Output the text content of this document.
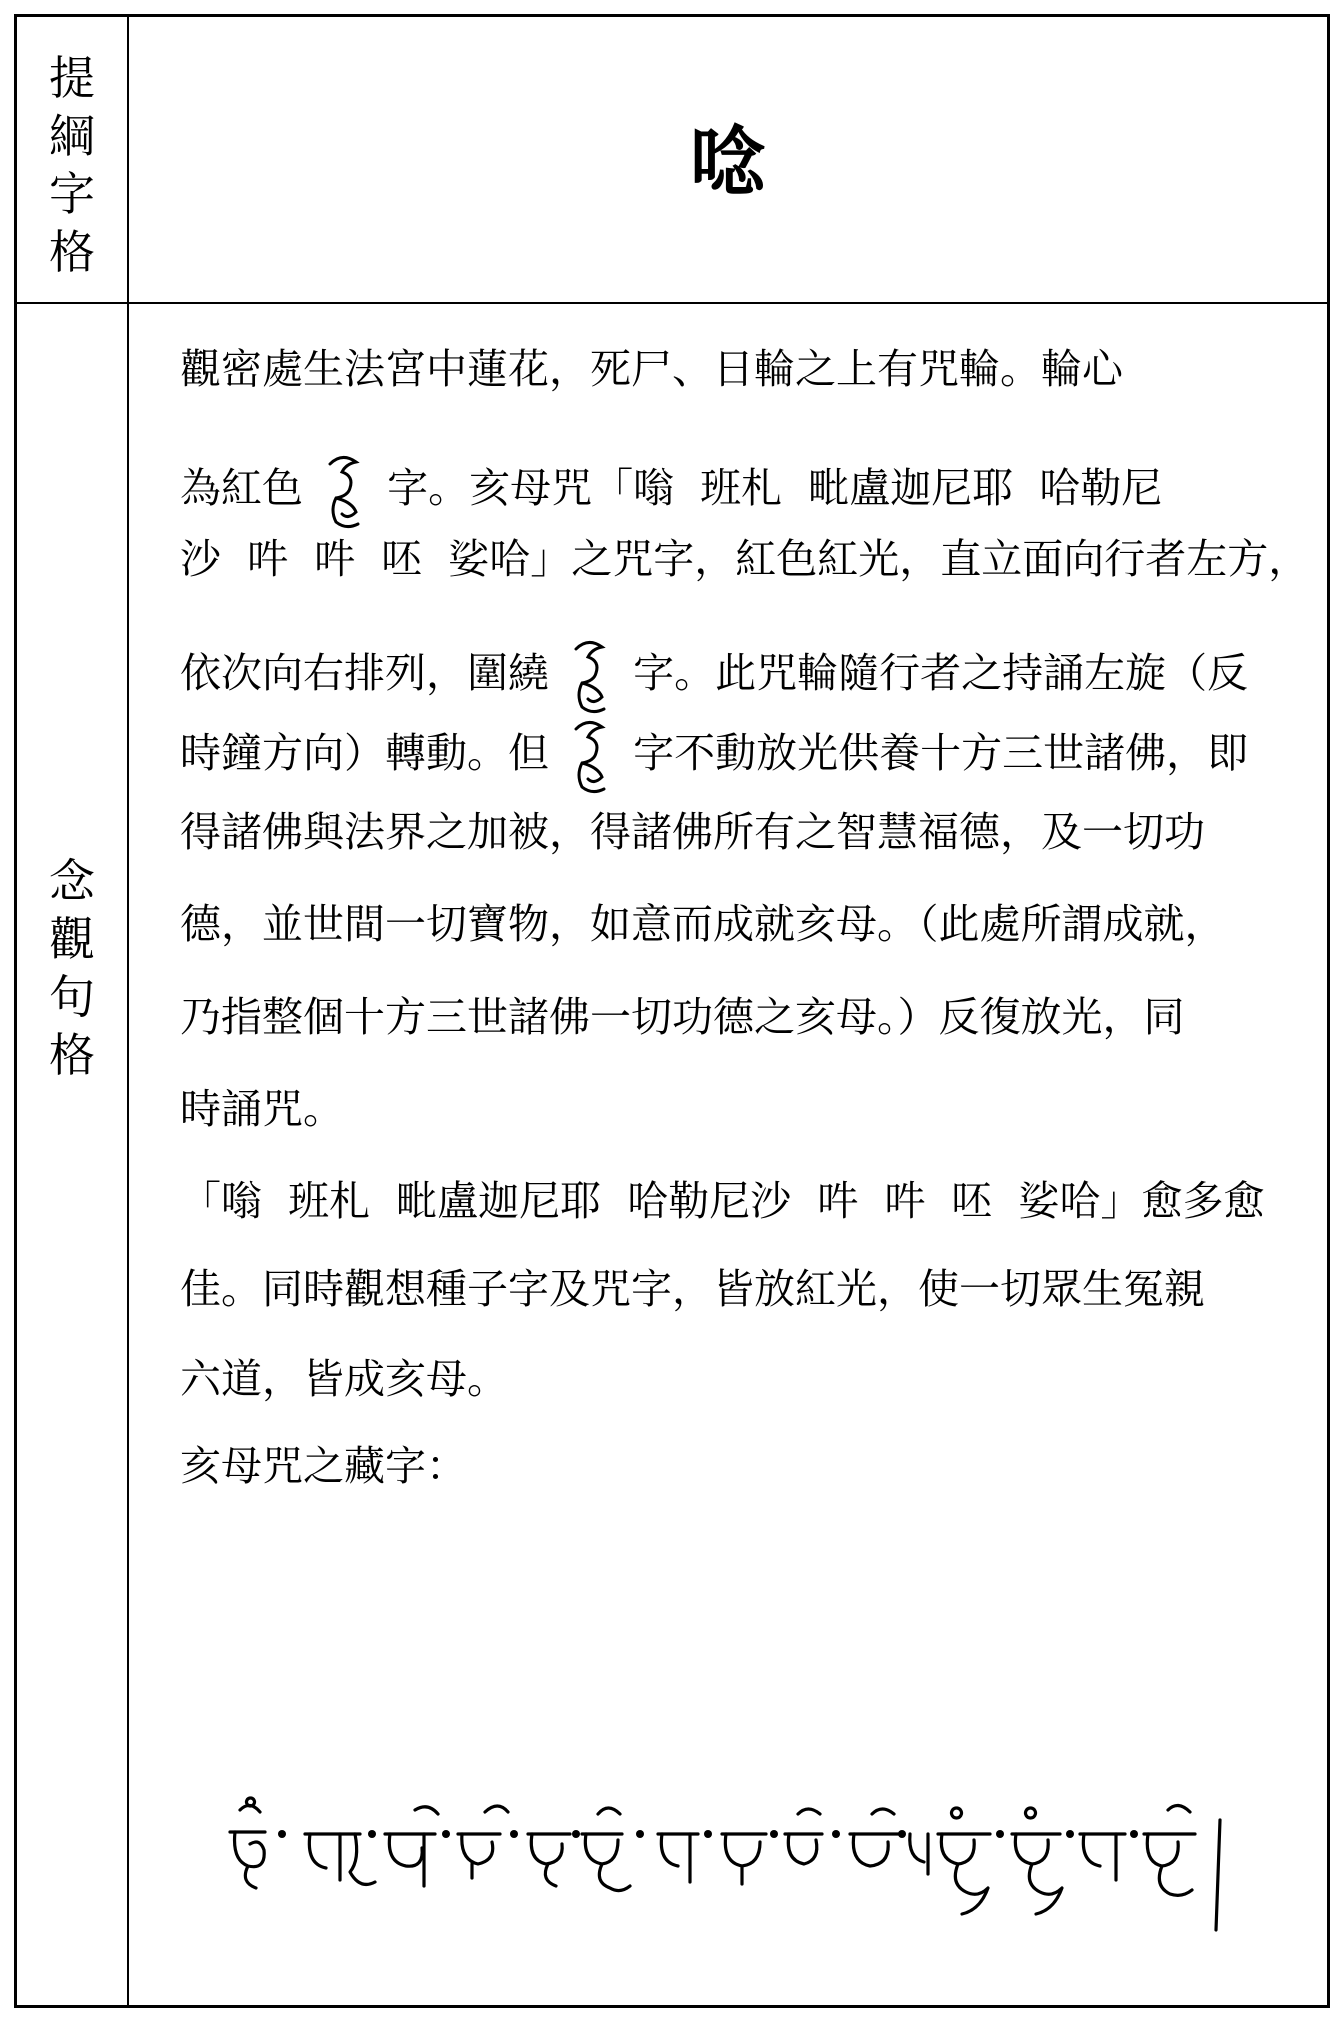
提
綱
字
格
唸
念
觀
句
格
觀密處生法宮中蓮花，死尸、日輪之上有咒輪。輪心
為紅色 字。亥母咒「嗡  班札  毗盧迦尼耶  哈勒尼
沙  吽  吽  呸  娑哈」之咒字，紅色紅光，直立面向行者左方，
依次向右排列，圍繞 字。此咒輪隨行者之持誦左旋（反
時鐘方向）轉動。但 字不動放光供養十方三世諸佛，即
得諸佛與法界之加被，得諸佛所有之智慧福德，及一切功
德，並世間一切寶物，如意而成就亥母。（此處所謂成就，
乃指整個十方三世諸佛一切功德之亥母。）反復放光，同
時誦咒。
「嗡  班札  毗盧迦尼耶  哈勒尼沙  吽  吽  呸  娑哈」愈多愈
佳。同時觀想種子字及咒字，皆放紅光，使一切眾生冤親
六道，皆成亥母。
亥母咒之藏字：
